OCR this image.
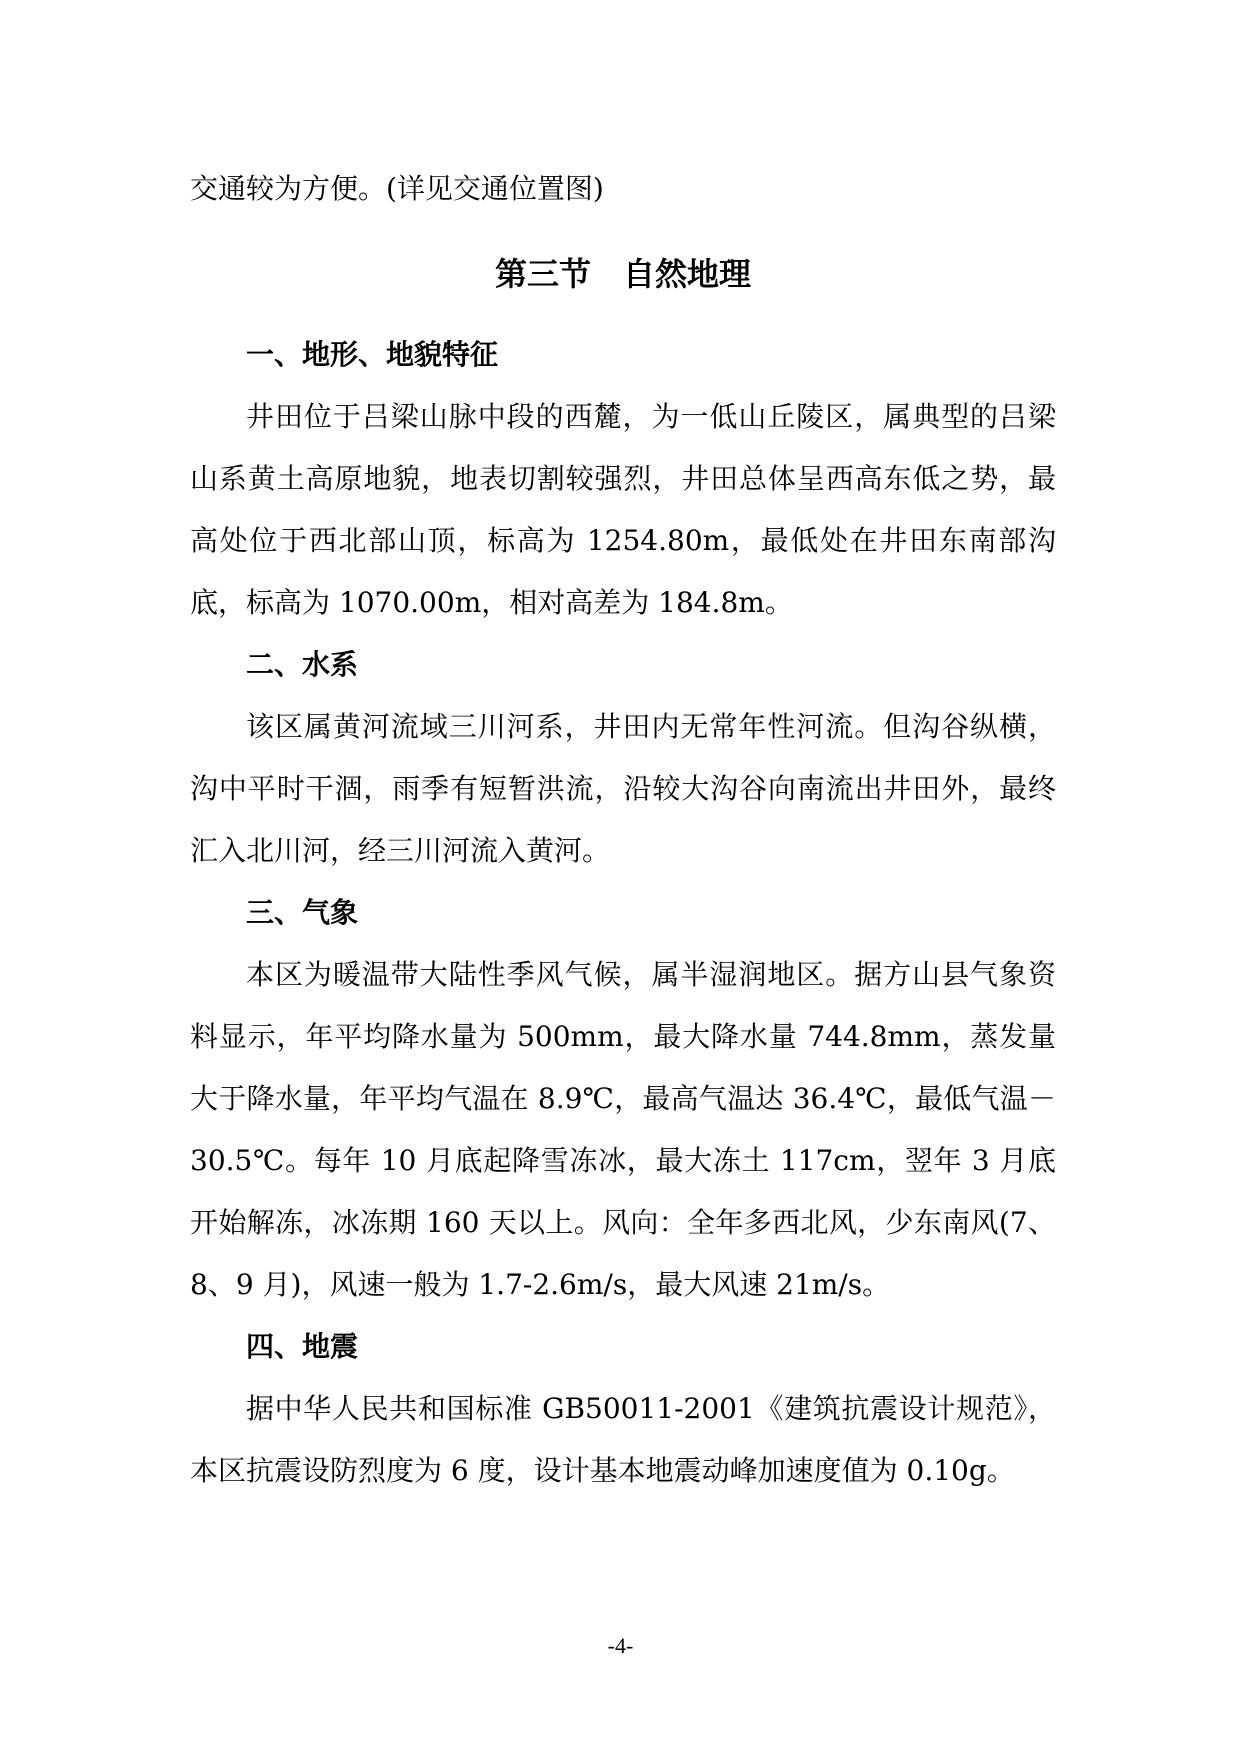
交通较为方便。(详见交通位置图)

第三节 自然地理
一、地形、地貌特征

井田位于吕梁山脉中段的西麓，为一低山丘陵区，属典型的吕梁山系黄土高原地貌，地表切割较强烈，井田总体呈西高东低之势，最高处位于西北部山顶，标高为 1254.80m，最低处在井田东南部沟底，标高为 1070.00m，相对高差为 184.8m。

二、水系

该区属黄河流域三川河系，井田内无常年性河流。但沟谷纵横，沟中平时干涸，雨季有短暂洪流，沿较大沟谷向南流出井田外，最终汇入北川河，经三川河流入黄河。

三、气象

本区为暖温带大陆性季风气候，属半湿润地区。据方山县气象资料显示，年平均降水量为 500mm，最大降水量 744.8mm，蒸发量大于降水量，年平均气温在 8.9℃，最高气温达 36.4℃，最低气温－30.5℃。每年 10 月底起降雪冻冰，最大冻土 117cm，翌年 3 月底开始解冻，冰冻期 160 天以上。风向：全年多西北风，少东南风(7、8、9 月)，风速一般为 1.7-2.6m/s，最大风速 21m/s。

四、地震

据中华人民共和国标准 GB50011-2001《建筑抗震设计规范》，本区抗震设防烈度为 6 度，设计基本地震动峰加速度值为 0.10g。

-4-
